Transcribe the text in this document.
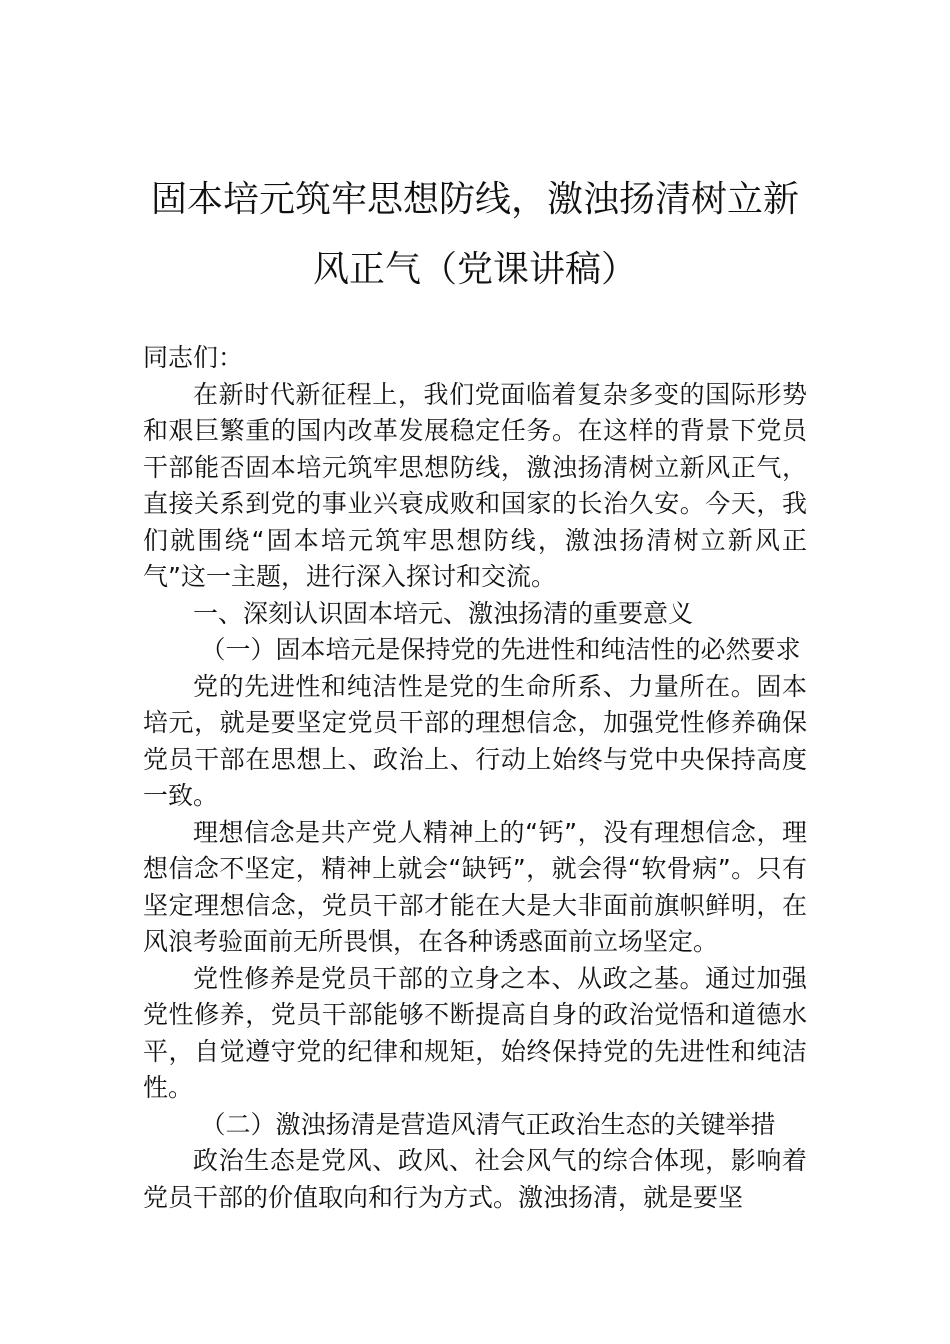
固本培元筑牢思想防线，激浊扬清树立新
风正气（党课讲稿）

同志们：

在新时代新征程上，我们党面临着复杂多变的国际形势和艰巨繁重的国内改革发展稳定任务。在这样的背景下党员干部能否固本培元筑牢思想防线，激浊扬清树立新风正气，直接关系到党的事业兴衰成败和国家的长治久安。今天，我们就围绕“固本培元筑牢思想防线，激浊扬清树立新风正气”这一主题，进行深入探讨和交流。

一、深刻认识固本培元、激浊扬清的重要意义

（一）固本培元是保持党的先进性和纯洁性的必然要求

党的先进性和纯洁性是党的生命所系、力量所在。固本培元，就是要坚定党员干部的理想信念，加强党性修养确保党员干部在思想上、政治上、行动上始终与党中央保持高度一致。

理想信念是共产党人精神上的“钙”，没有理想信念，理想信念不坚定，精神上就会“缺钙”，就会得“软骨病”。只有坚定理想信念，党员干部才能在大是大非面前旗帜鲜明，在风浪考验面前无所畏惧，在各种诱惑面前立场坚定。

党性修养是党员干部的立身之本、从政之基。通过加强党性修养，党员干部能够不断提高自身的政治觉悟和道德水平，自觉遵守党的纪律和规矩，始终保持党的先进性和纯洁性。

（二）激浊扬清是营造风清气正政治生态的关键举措

政治生态是党风、政风、社会风气的综合体现，影响着党员干部的价值取向和行为方式。激浊扬清，就是要坚
